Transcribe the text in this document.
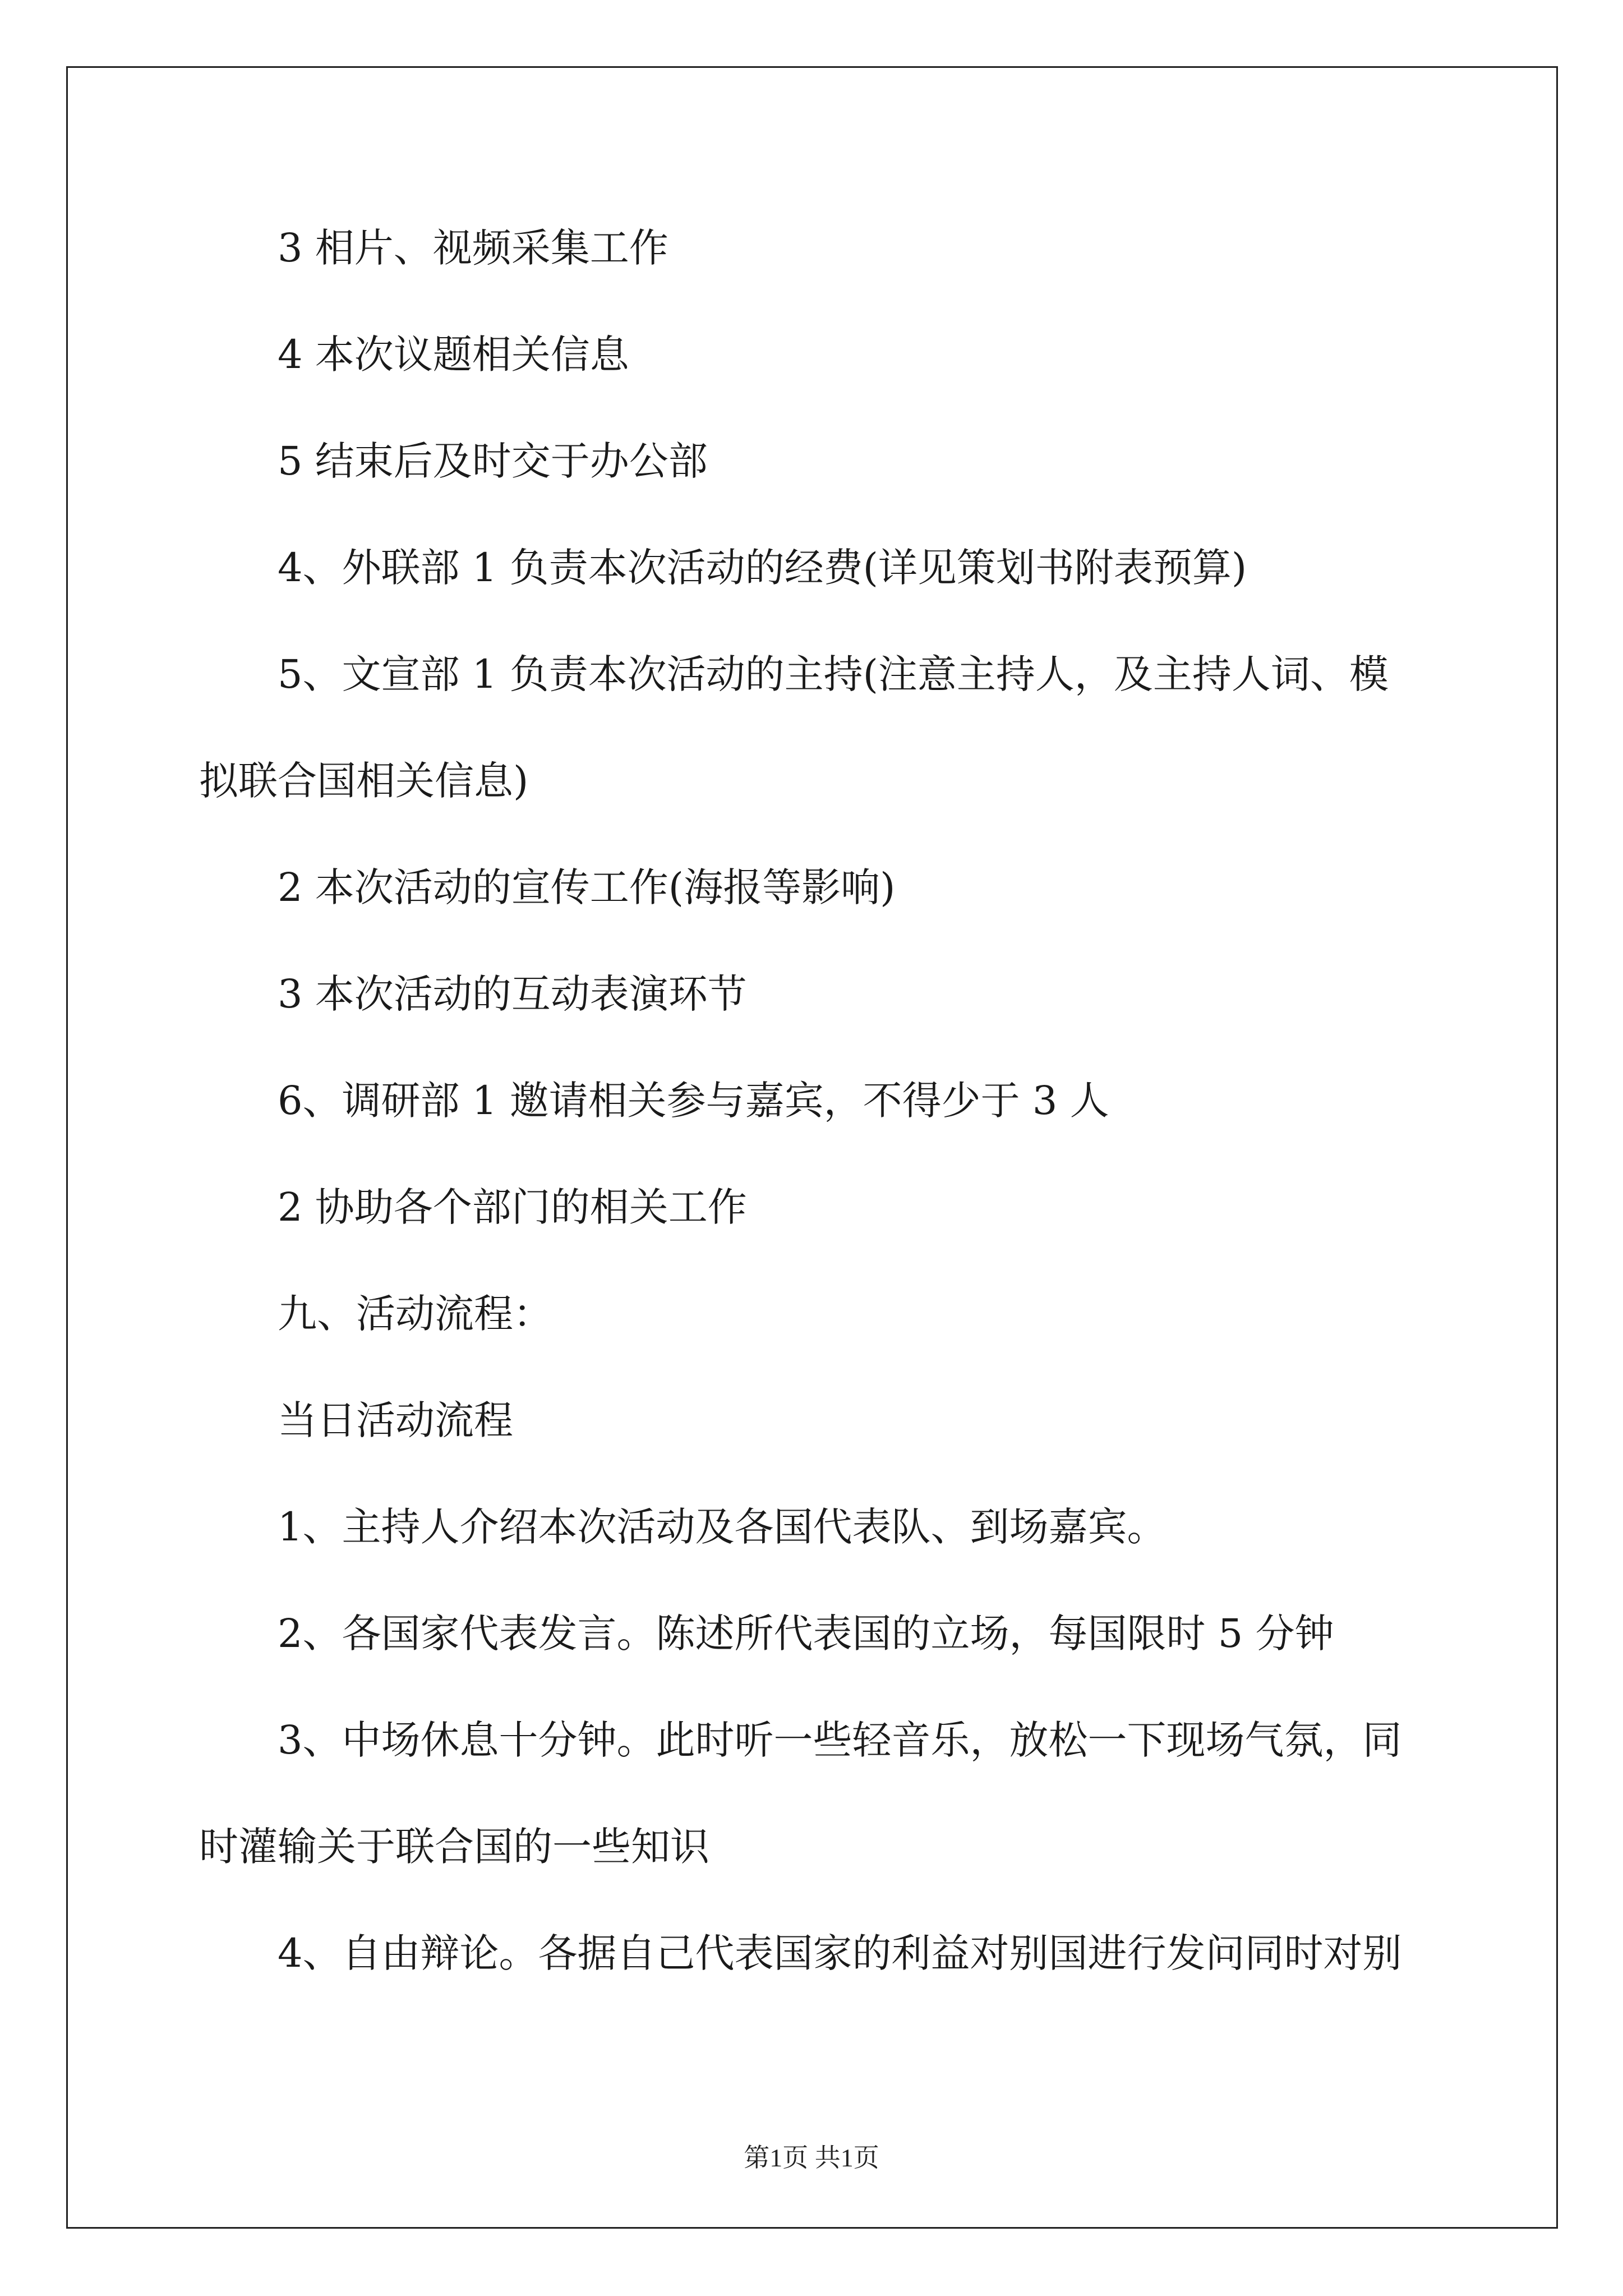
3 相片、视频采集工作
4 本次议题相关信息
5 结束后及时交于办公部
4、外联部 1 负责本次活动的经费(详见策划书附表预算)
5、文宣部 1 负责本次活动的主持(注意主持人，及主持人词、模
拟联合国相关信息)
2 本次活动的宣传工作(海报等影响)
3 本次活动的互动表演环节
6、调研部 1 邀请相关参与嘉宾，不得少于 3 人
2 协助各个部门的相关工作
九、活动流程：
当日活动流程
1、主持人介绍本次活动及各国代表队、到场嘉宾。
2、各国家代表发言。陈述所代表国的立场，每国限时 5 分钟
3、中场休息十分钟。此时听一些轻音乐，放松一下现场气氛，同
时灌输关于联合国的一些知识
4、自由辩论。各据自己代表国家的利益对别国进行发问同时对别
第1页 共1页
